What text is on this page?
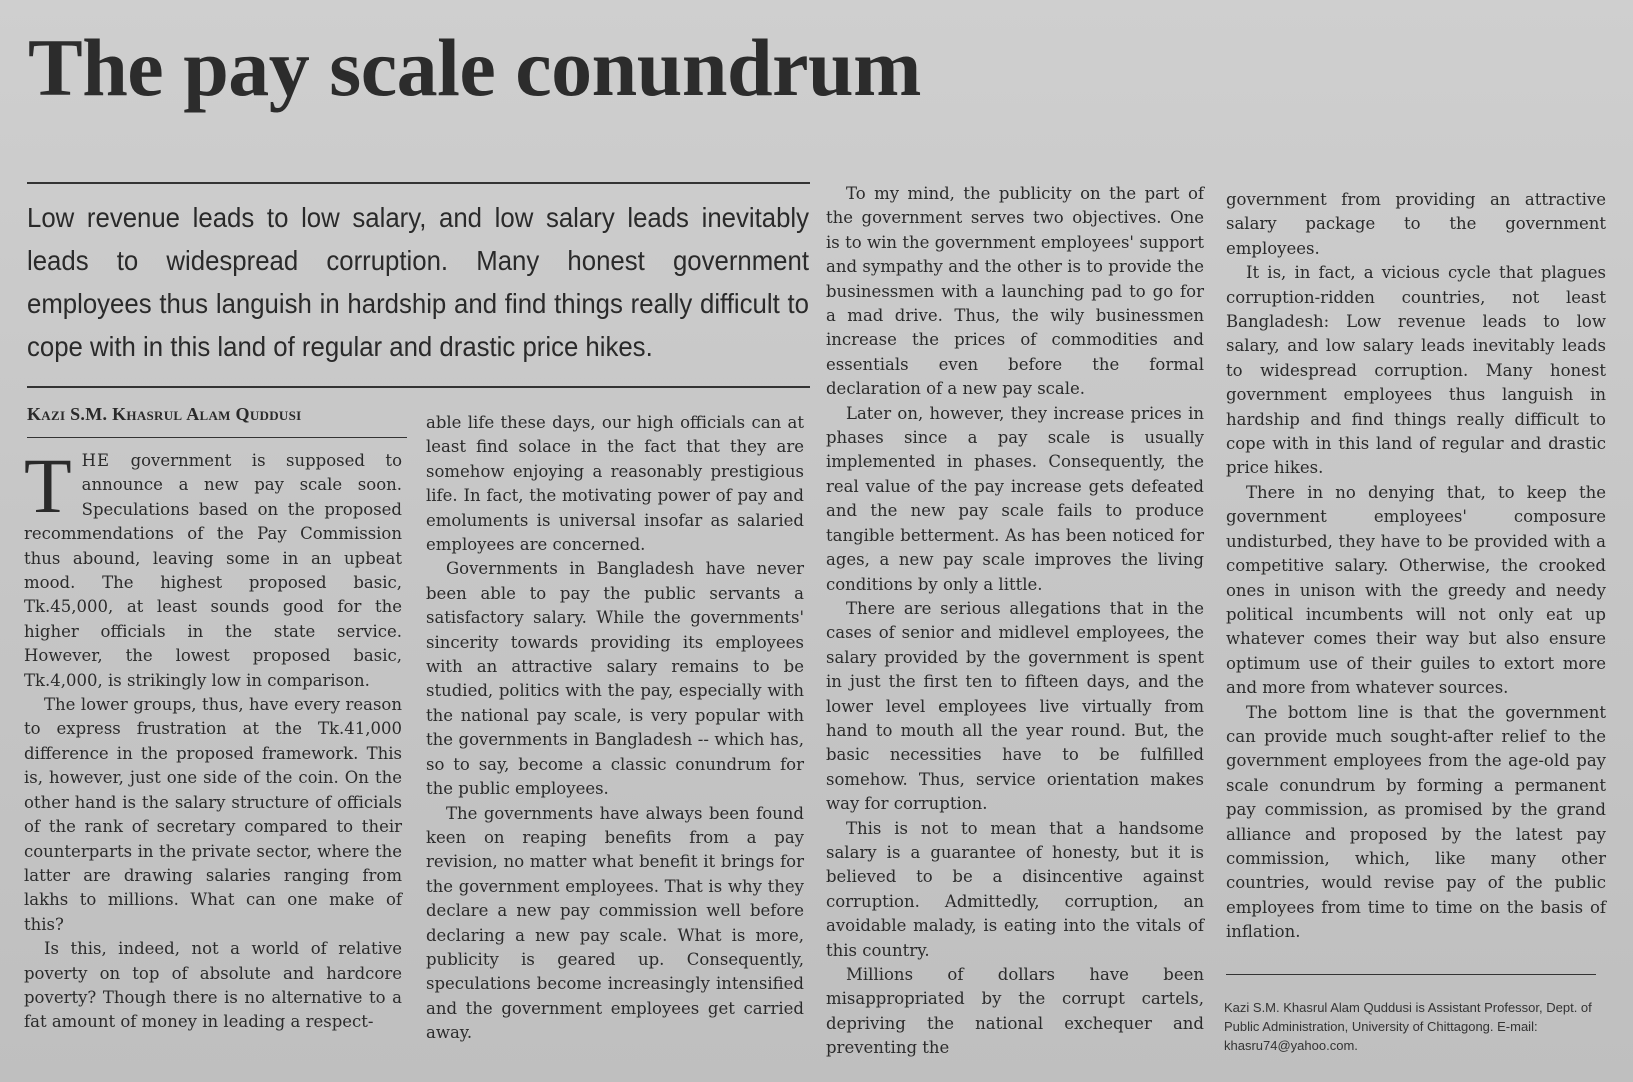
The pay scale conundrum

Low revenue leads to low salary, and low salary leads inevitably leads to widespread corruption. Many honest government employees thus languish in hardship and find things really difficult to cope with in this land of regular and drastic price hikes.

Kazi S.M. Khasrul Alam Quddusi

THE government is supposed to announce a new pay scale soon. Speculations based on the proposed recommendations of the Pay Commission thus abound, leaving some in an upbeat mood. The highest proposed basic, Tk.45,000, at least sounds good for the higher officials in the state service. However, the lowest proposed basic, Tk.4,000, is strikingly low in comparison.

The lower groups, thus, have every reason to express frustration at the Tk.41,000 difference in the proposed framework. This is, however, just one side of the coin. On the other hand is the salary structure of officials of the rank of secretary compared to their counterparts in the private sector, where the latter are drawing salaries ranging from lakhs to millions. What can one make of this?

Is this, indeed, not a world of relative poverty on top of absolute and hardcore poverty? Though there is no alternative to a fat amount of money in leading a respect-

able life these days, our high officials can at least find solace in the fact that they are somehow enjoying a reasonably prestigious life. In fact, the motivating power of pay and emoluments is universal insofar as salaried employees are concerned.

Governments in Bangladesh have never been able to pay the public servants a satisfactory salary. While the governments' sincerity towards providing its employees with an attractive salary remains to be studied, politics with the pay, especially with the national pay scale, is very popular with the governments in Bangladesh -- which has, so to say, become a classic conundrum for the public employees.

The governments have always been found keen on reaping benefits from a pay revision, no matter what benefit it brings for the government employees. That is why they declare a new pay commission well before declaring a new pay scale. What is more, publicity is geared up. Consequently, speculations become increasingly intensified and the government employees get carried away.

To my mind, the publicity on the part of the government serves two objectives. One is to win the government employees' support and sympathy and the other is to provide the businessmen with a launching pad to go for a mad drive. Thus, the wily businessmen increase the prices of commodities and essentials even before the formal declaration of a new pay scale.

Later on, however, they increase prices in phases since a pay scale is usually implemented in phases. Consequently, the real value of the pay increase gets defeated and the new pay scale fails to produce tangible betterment. As has been noticed for ages, a new pay scale improves the living conditions by only a little.

There are serious allegations that in the cases of senior and midlevel employees, the salary provided by the government is spent in just the first ten to fifteen days, and the lower level employees live virtually from hand to mouth all the year round. But, the basic necessities have to be fulfilled somehow. Thus, service orientation makes way for corruption.

This is not to mean that a handsome salary is a guarantee of honesty, but it is believed to be a disincentive against corruption. Admittedly, corruption, an avoidable malady, is eating into the vitals of this country.

Millions of dollars have been misappropriated by the corrupt cartels, depriving the national exchequer and preventing the

government from providing an attractive salary package to the government employees.

It is, in fact, a vicious cycle that plagues corruption-ridden countries, not least Bangladesh: Low revenue leads to low salary, and low salary leads inevitably leads to widespread corruption. Many honest government employees thus languish in hardship and find things really difficult to cope with in this land of regular and drastic price hikes.

There in no denying that, to keep the government employees' composure undisturbed, they have to be provided with a competitive salary. Otherwise, the crooked ones in unison with the greedy and needy political incumbents will not only eat up whatever comes their way but also ensure optimum use of their guiles to extort more and more from whatever sources.

The bottom line is that the government can provide much sought-after relief to the government employees from the age-old pay scale conundrum by forming a permanent pay commission, as promised by the grand alliance and proposed by the latest pay commission, which, like many other countries, would revise pay of the public employees from time to time on the basis of inflation.

Kazi S.M. Khasrul Alam Quddusi is Assistant Professor, Dept. of Public Administration, University of Chittagong. E-mail: khasru74@yahoo.com.
